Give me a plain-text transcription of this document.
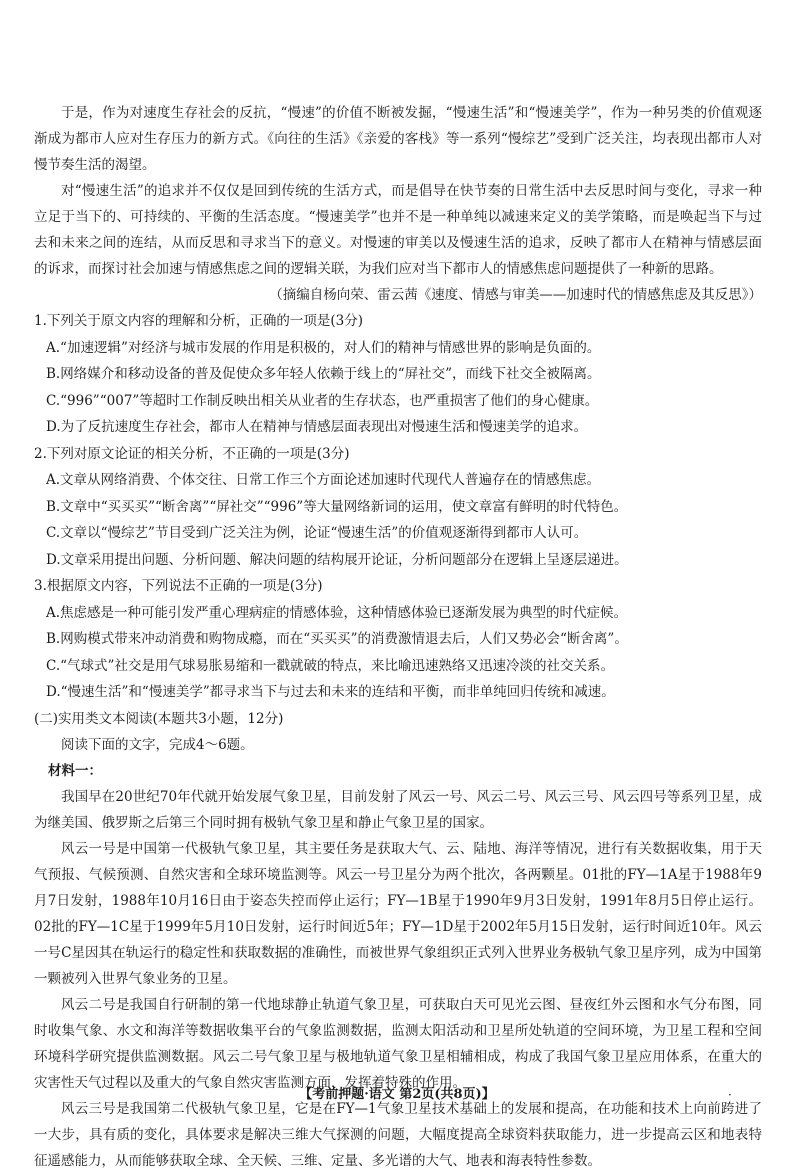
于是，作为对速度生存社会的反抗，“慢速”的价值不断被发掘，“慢速生活”和“慢速美学”，作为一种另类的价值观逐渐成为都市人应对生存压力的新方式。《向往的生活》《亲爱的客栈》等一系列“慢综艺”受到广泛关注，均表现出都市人对慢节奏生活的渴望。

对“慢速生活”的追求并不仅仅是回到传统的生活方式，而是倡导在快节奏的日常生活中去反思时间与变化，寻求一种立足于当下的、可持续的、平衡的生活态度。“慢速美学”也并不是一种单纯以减速来定义的美学策略，而是唤起当下与过去和未来之间的连结，从而反思和寻求当下的意义。对慢速的审美以及慢速生活的追求，反映了都市人在精神与情感层面的诉求，而探讨社会加速与情感焦虑之间的逻辑关联，为我们应对当下都市人的情感焦虑问题提供了一种新的思路。

（摘编自杨向荣、雷云茜《速度、情感与审美——加速时代的情感焦虑及其反思》）

1.下列关于原文内容的理解和分析，正确的一项是(3分)

A.“加速逻辑”对经济与城市发展的作用是积极的，对人们的精神与情感世界的影响是负面的。

B.网络媒介和移动设备的普及促使众多年轻人依赖于线上的“屏社交”，而线下社交全被隔离。

C.“996”“007”等超时工作制反映出相关从业者的生存状态，也严重损害了他们的身心健康。

D.为了反抗速度生存社会，都市人在精神与情感层面表现出对慢速生活和慢速美学的追求。

2.下列对原文论证的相关分析，不正确的一项是(3分)

A.文章从网络消费、个体交往、日常工作三个方面论述加速时代现代人普遍存在的情感焦虑。

B.文章中“买买买”“断舍离”“屏社交”“996”等大量网络新词的运用，使文章富有鲜明的时代特色。

C.文章以“慢综艺”节目受到广泛关注为例，论证“慢速生活”的价值观逐渐得到都市人认可。

D.文章采用提出问题、分析问题、解决问题的结构展开论证，分析问题部分在逻辑上呈逐层递进。

3.根据原文内容，下列说法不正确的一项是(3分)

A.焦虑感是一种可能引发严重心理病症的情感体验，这种情感体验已逐渐发展为典型的时代症候。

B.网购模式带来冲动消费和购物成瘾，而在“买买买”的消费激情退去后，人们又势必会“断舍离”。

C.“气球式”社交是用气球易胀易缩和一戳就破的特点，来比喻迅速熟络又迅速冷淡的社交关系。

D.“慢速生活”和“慢速美学”都寻求当下与过去和未来的连结和平衡，而非单纯回归传统和减速。

(二)实用类文本阅读(本题共3小题，12分)

阅读下面的文字，完成4～6题。

材料一：

我国早在20世纪70年代就开始发展气象卫星，目前发射了风云一号、风云二号、风云三号、风云四号等系列卫星，成为继美国、俄罗斯之后第三个同时拥有极轨气象卫星和静止气象卫星的国家。

风云一号是中国第一代极轨气象卫星，其主要任务是获取大气、云、陆地、海洋等情况，进行有关数据收集，用于天气预报、气候预测、自然灾害和全球环境监测等。风云一号卫星分为两个批次，各两颗星。01批的FY—1A星于1988年9月7日发射，1988年10月16日由于姿态失控而停止运行；FY—1B星于1990年9月3日发射，1991年8月5日停止运行。02批的FY—1C星于1999年5月10日发射，运行时间近5年；FY—1D星于2002年5月15日发射，运行时间近10年。风云一号C星因其在轨运行的稳定性和获取数据的准确性，而被世界气象组织正式列入世界业务极轨气象卫星序列，成为中国第一颗被列入世界气象业务的卫星。

风云二号是我国自行研制的第一代地球静止轨道气象卫星，可获取白天可见光云图、昼夜红外云图和水气分布图，同时收集气象、水文和海洋等数据收集平台的气象监测数据，监测太阳活动和卫星所处轨道的空间环境，为卫星工程和空间环境科学研究提供监测数据。风云二号气象卫星与极地轨道气象卫星相辅相成，构成了我国气象卫星应用体系，在重大的灾害性天气过程以及重大的气象自然灾害监测方面，发挥着特殊的作用。

风云三号是我国第二代极轨气象卫星，它是在FY—1气象卫星技术基础上的发展和提高，在功能和技术上向前跨进了一大步，具有质的变化，具体要求是解决三维大气探测的问题，大幅度提高全球资料获取能力，进一步提高云区和地表特征遥感能力，从而能够获取全球、全天候、三维、定量、多光谱的大气、地表和海表特性参数。

【考前押题·语文 第2页(共8页)】	·
